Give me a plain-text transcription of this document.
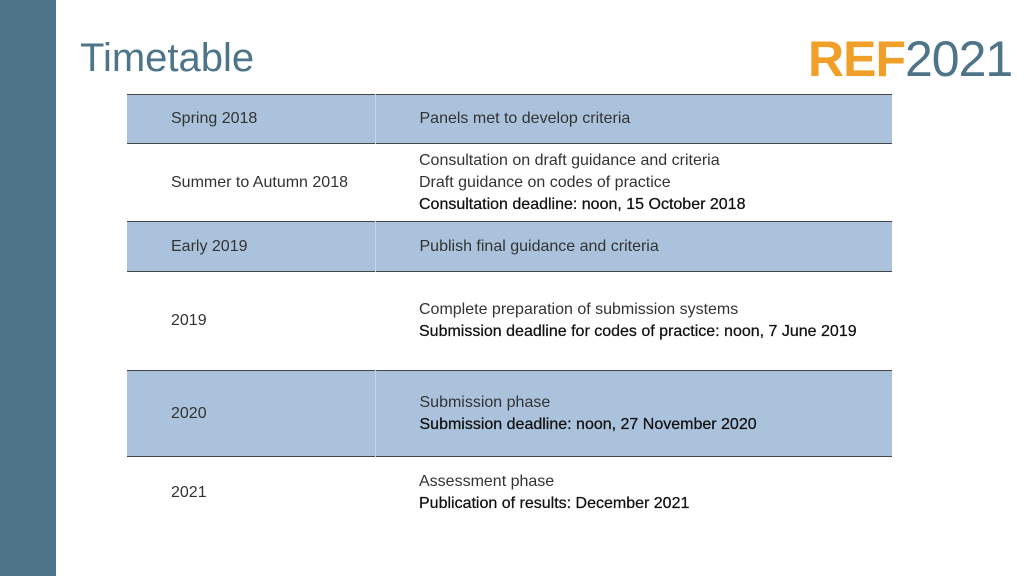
Timetable	REF 2021
Spring 2018	Panels met to develop criteria

Summer to Autumn 2018	Consultation on draft guidance and criteria
Draft guidance on codes of practice
Consultation deadline: noon, 15 October 2018

Early 2019	Publish final guidance and criteria

2019	Complete preparation of submission systems
Submission deadline for codes of practice: noon, 7 June 2019

2020	Submission phase
Submission deadline: noon, 27 November 2020

2021	Assessment phase
Publication of results: December 2021
